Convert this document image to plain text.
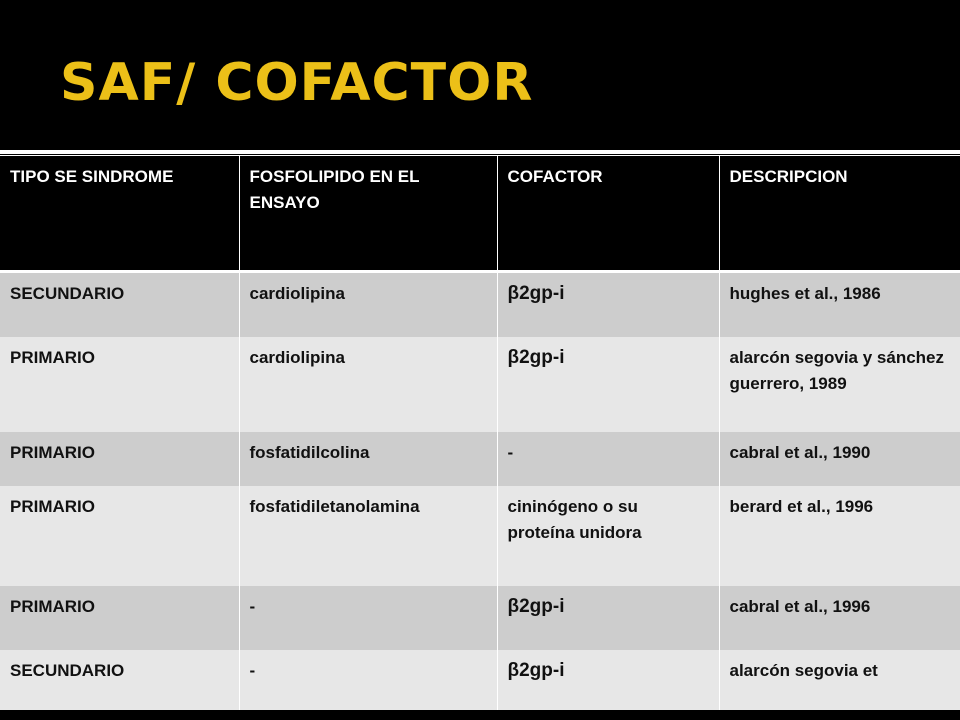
SAF/ COFACTOR
TIPO SE SINDROME	FOSFOLIPIDO EN EL ENSAYO	COFACTOR	DESCRIPCION
SECUNDARIO	cardiolipina	β2gp-i	hughes et al., 1986
PRIMARIO	cardiolipina	β2gp-i	alarcón segovia y sánchez guerrero, 1989
PRIMARIO	fosfatidilcolina	-	cabral et al., 1990
PRIMARIO	fosfatidiletanolamina	cininógeno o su proteína unidora	berard et al., 1996
PRIMARIO	-	β2gp-i	cabral et al., 1996
SECUNDARIO	-	β2gp-i	alarcón segovia et
